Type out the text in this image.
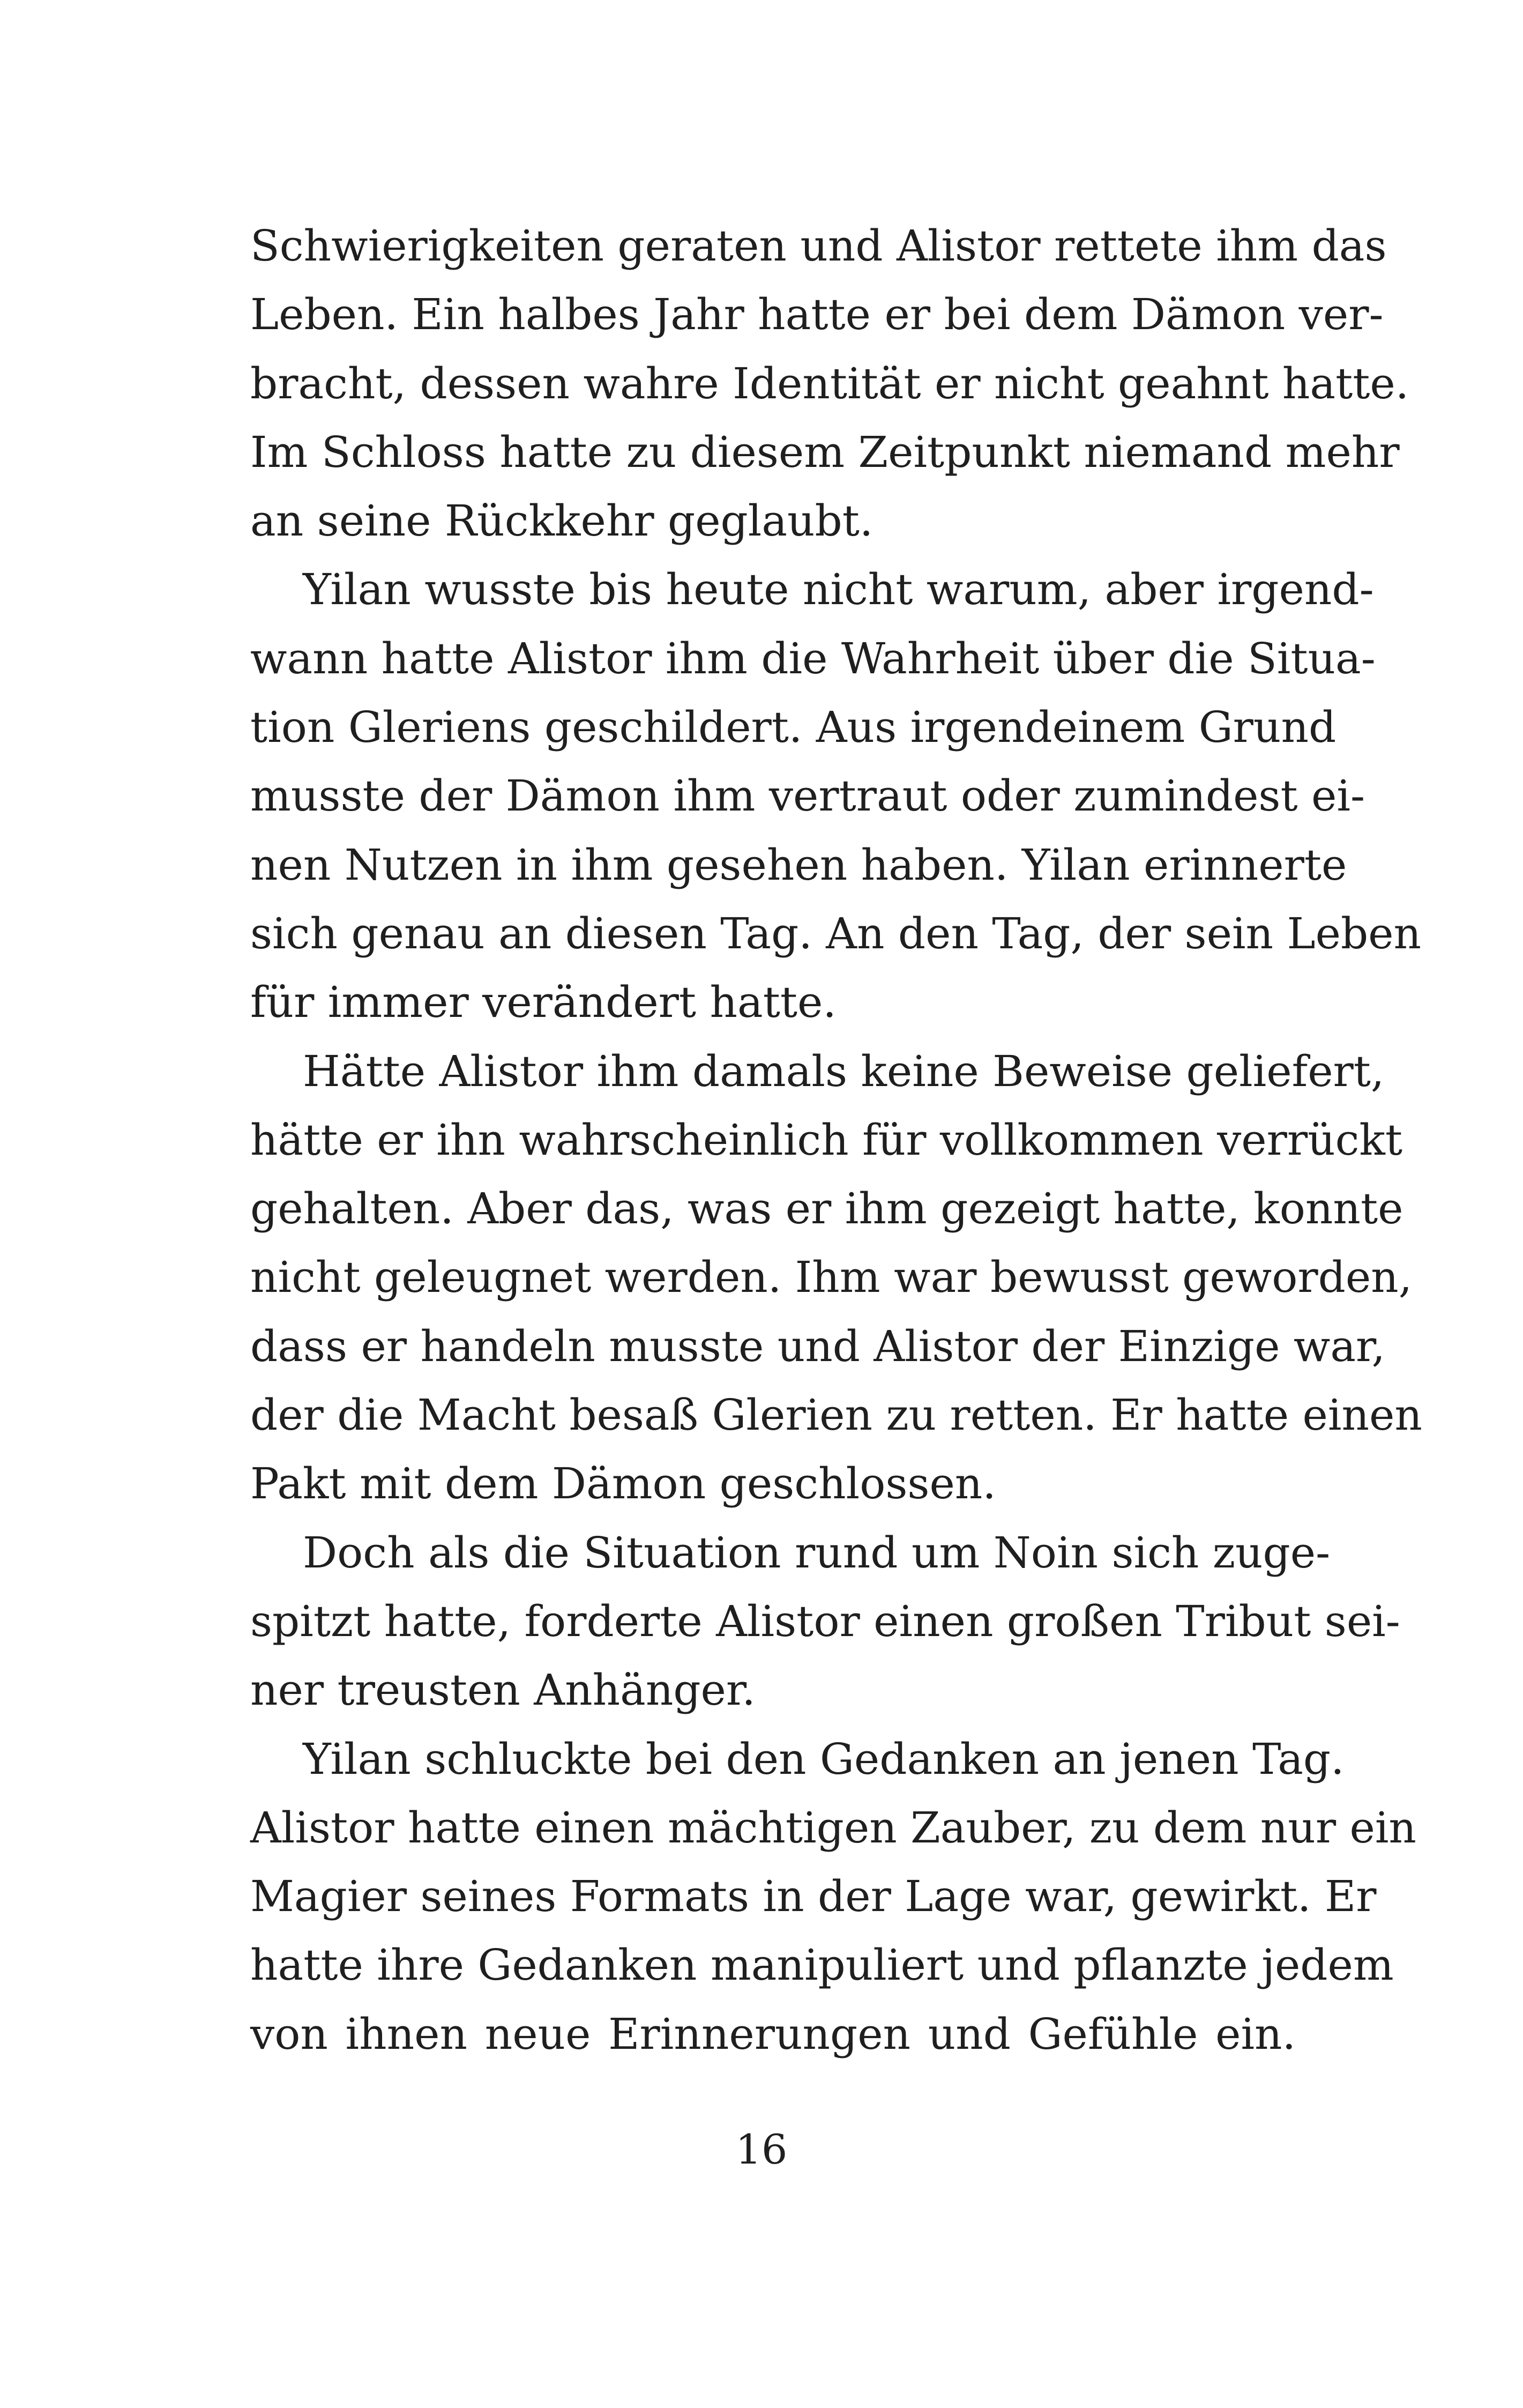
Schwierigkeiten geraten und Alistor rettete ihm das
Leben. Ein halbes Jahr hatte er bei dem Dämon ver-
bracht, dessen wahre Identität er nicht geahnt hatte.
Im Schloss hatte zu diesem Zeitpunkt niemand mehr
an seine Rückkehr geglaubt.
Yilan wusste bis heute nicht warum, aber irgend-
wann hatte Alistor ihm die Wahrheit über die Situa-
tion Gleriens geschildert. Aus irgendeinem Grund
musste der Dämon ihm vertraut oder zumindest ei-
nen Nutzen in ihm gesehen haben. Yilan erinnerte
sich genau an diesen Tag. An den Tag, der sein Leben
für immer verändert hatte.
Hätte Alistor ihm damals keine Beweise geliefert,
hätte er ihn wahrscheinlich für vollkommen verrückt
gehalten. Aber das, was er ihm gezeigt hatte, konnte
nicht geleugnet werden. Ihm war bewusst geworden,
dass er handeln musste und Alistor der Einzige war,
der die Macht besaß Glerien zu retten. Er hatte einen
Pakt mit dem Dämon geschlossen.
Doch als die Situation rund um Noin sich zuge-
spitzt hatte, forderte Alistor einen großen Tribut sei-
ner treusten Anhänger.
Yilan schluckte bei den Gedanken an jenen Tag.
Alistor hatte einen mächtigen Zauber, zu dem nur ein
Magier seines Formats in der Lage war, gewirkt. Er
hatte ihre Gedanken manipuliert und pflanzte jedem
von ihnen neue Erinnerungen und Gefühle ein.
16
